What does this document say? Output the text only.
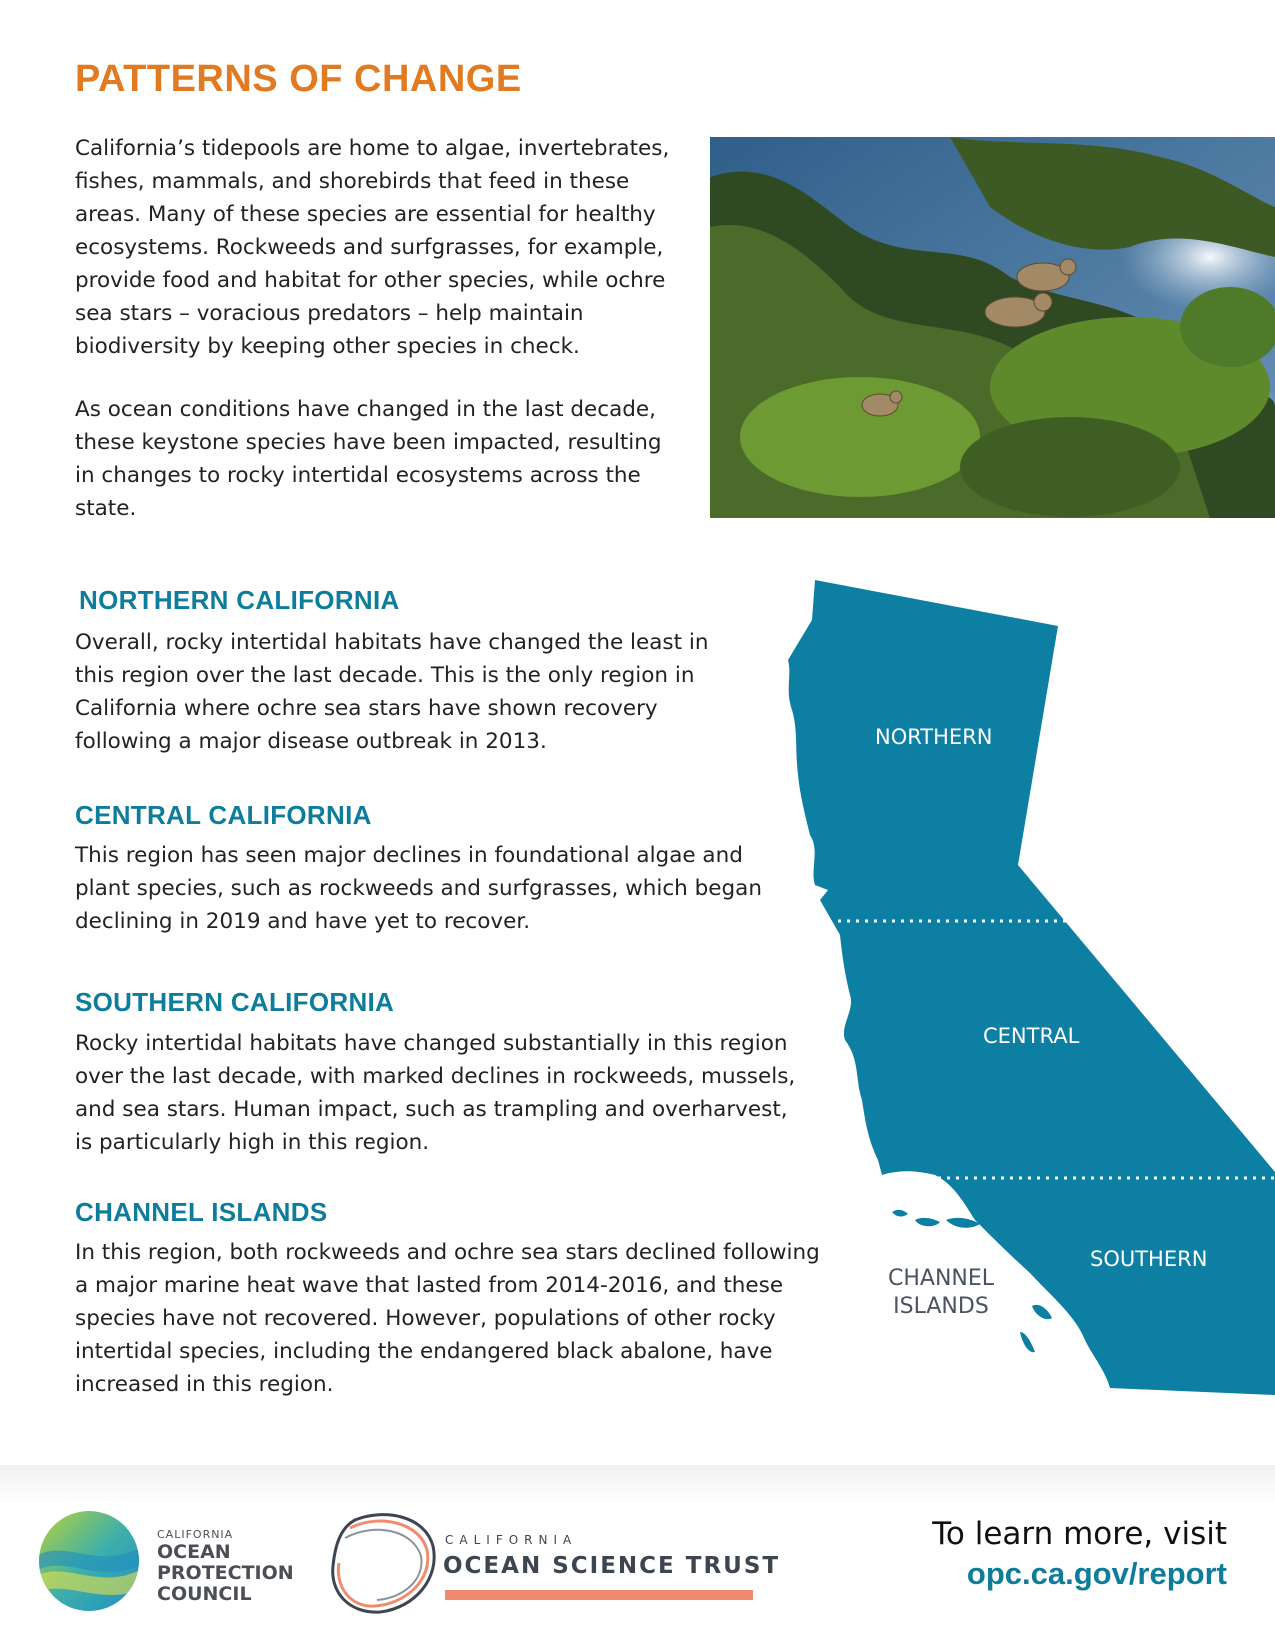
PATTERNS OF CHANGE

California’s tidepools are home to algae, invertebrates, fishes, mammals, and shorebirds that feed in these areas. Many of these species are essential for healthy ecosystems. Rockweeds and surfgrasses, for example, provide food and habitat for other species, while ochre sea stars – voracious predators – help maintain biodiversity by keeping other species in check.

As ocean conditions have changed in the last decade, these keystone species have been impacted, resulting in changes to rocky intertidal ecosystems across the state.

NORTHERN CALIFORNIA

Overall, rocky intertidal habitats have changed the least in this region over the last decade. This is the only region in California where ochre sea stars have shown recovery following a major disease outbreak in 2013.

CENTRAL CALIFORNIA

This region has seen major declines in foundational algae and plant species, such as rockweeds and surfgrasses, which began declining in 2019 and have yet to recover.

SOUTHERN CALIFORNIA

Rocky intertidal habitats have changed substantially in this region over the last decade, with marked declines in rockweeds, mussels, and sea stars. Human impact, such as trampling and overharvest, is particularly high in this region.

CHANNEL ISLANDS

In this region, both rockweeds and ochre sea stars declined following a major marine heat wave that lasted from 2014-2016, and these species have not recovered. However, populations of other rocky intertidal species, including the endangered black abalone, have increased in this region.

NORTHERN
CENTRAL
SOUTHERN
CHANNEL
ISLANDS
CALIFORNIA
OCEAN
PROTECTION
COUNCIL
CALIFORNIA
OCEAN SCIENCE TRUST
To learn more, visit
opc.ca.gov/report
